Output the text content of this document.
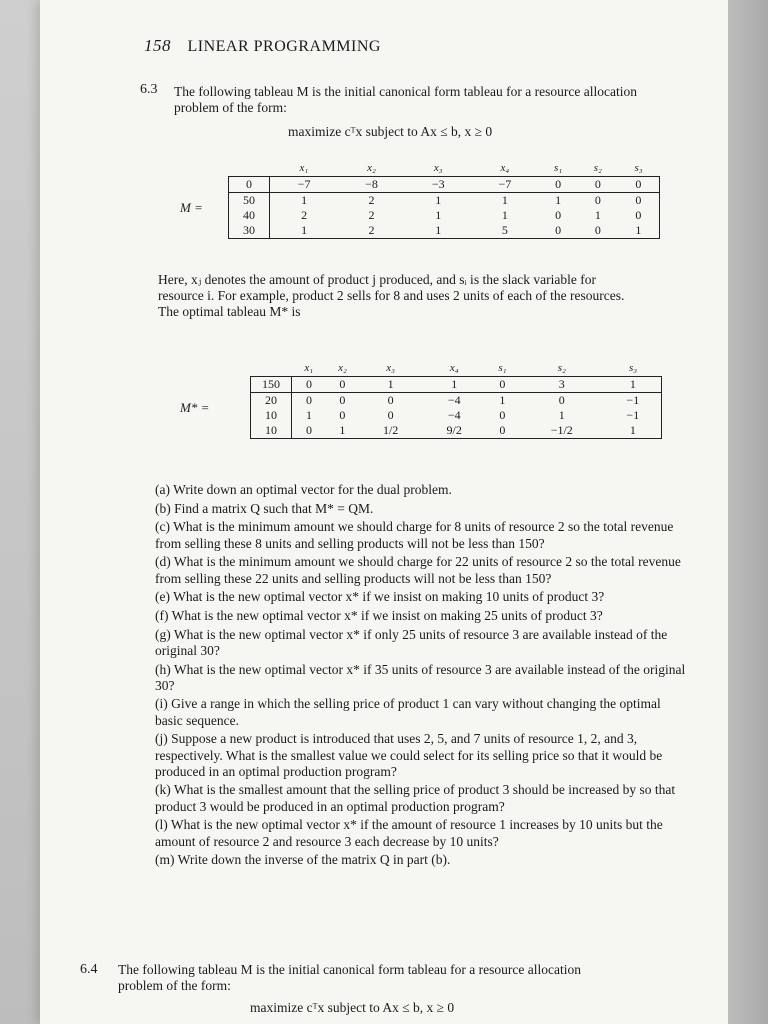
158 LINEAR PROGRAMMING
6.3 The following tableau M is the initial canonical form tableau for a resource allocation
problem of the form:
maximize cᵀx subject to Ax ≤ b, x ≥ 0
M =
	x₁	x₂	x₃	x₄	s₁	s₂	s₃
0	−7	−8	−3	−7	0	0	0
50	1	2	1	1	1	0	0
40	2	2	1	1	0	1	0
30	1	2	1	5	0	0	1
Here, xⱼ denotes the amount of product j produced, and sᵢ is the slack variable for
resource i. For example, product 2 sells for 8 and uses 2 units of each of the resources.
The optimal tableau M* is
M* =
	x₁	x₂	x₃	x₄	s₁	s₂	s₃
150	0	0	1	1	0	3	1
20	0	0	0	−4	1	0	−1
10	1	0	0	−4	0	1	−1
10	0	1	1/2	9/2	0	−1/2	1

(a) Write down an optimal vector for the dual problem.

(b) Find a matrix Q such that M* = QM.

(c) What is the minimum amount we should charge for 8 units of resource 2 so the total revenue from selling these 8 units and selling products will not be less than 150?

(d) What is the minimum amount we should charge for 22 units of resource 2 so the total revenue from selling these 22 units and selling products will not be less than 150?

(e) What is the new optimal vector x* if we insist on making 10 units of product 3?

(f) What is the new optimal vector x* if we insist on making 25 units of product 3?

(g) What is the new optimal vector x* if only 25 units of resource 3 are available instead of the original 30?

(h) What is the new optimal vector x* if 35 units of resource 3 are available instead of the original 30?

(i) Give a range in which the selling price of product 1 can vary without changing the optimal basic sequence.

(j) Suppose a new product is introduced that uses 2, 5, and 7 units of resource 1, 2, and 3, respectively. What is the smallest value we could select for its selling price so that it would be produced in an optimal production program?

(k) What is the smallest amount that the selling price of product 3 should be increased by so that product 3 would be produced in an optimal production program?

(l) What is the new optimal vector x* if the amount of resource 1 increases by 10 units but the amount of resource 2 and resource 3 each decrease by 10 units?

(m) Write down the inverse of the matrix Q in part (b).

6.4 The following tableau M is the initial canonical form tableau for a resource allocation
problem of the form:
maximize cᵀx subject to Ax ≤ b, x ≥ 0
